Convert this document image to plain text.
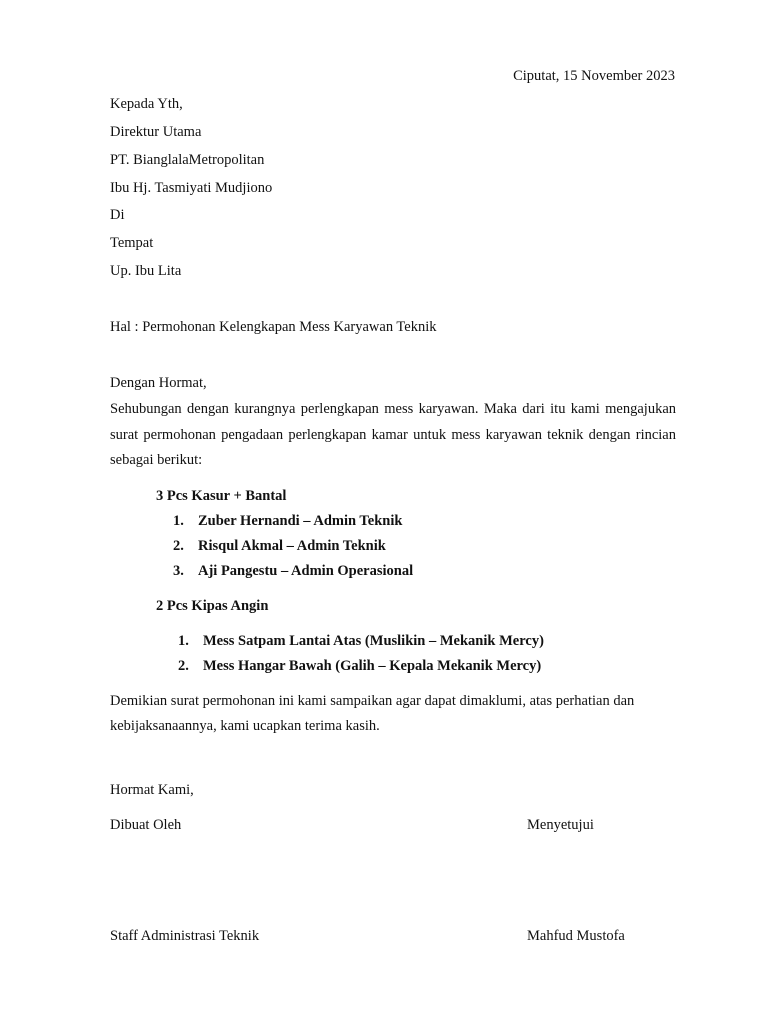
Ciputat, 15 November 2023
Kepada Yth,
Direktur Utama
PT. BianglalaMetropolitan
Ibu Hj. Tasmiyati Mudjiono
Di
Tempat
Up. Ibu Lita
Hal : Permohonan Kelengkapan Mess Karyawan Teknik
Dengan Hormat,
Sehubungan dengan kurangnya perlengkapan mess karyawan. Maka dari itu kami mengajukan surat permohonan pengadaan perlengkapan kamar untuk mess karyawan teknik dengan rincian sebagai berikut:
3 Pcs Kasur + Bantal
1. Zuber Hernandi – Admin Teknik
2. Risqul Akmal – Admin Teknik
3. Aji Pangestu – Admin Operasional
2 Pcs Kipas Angin
1. Mess Satpam Lantai Atas (Muslikin – Mekanik Mercy)
2. Mess Hangar Bawah (Galih – Kepala Mekanik Mercy)
Demikian surat permohonan ini kami sampaikan agar dapat dimaklumi, atas perhatian dan kebijaksanaannya, kami ucapkan terima kasih.
Hormat Kami,
Dibuat Oleh	Menyetujui
Staff Administrasi Teknik	Mahfud Mustofa
